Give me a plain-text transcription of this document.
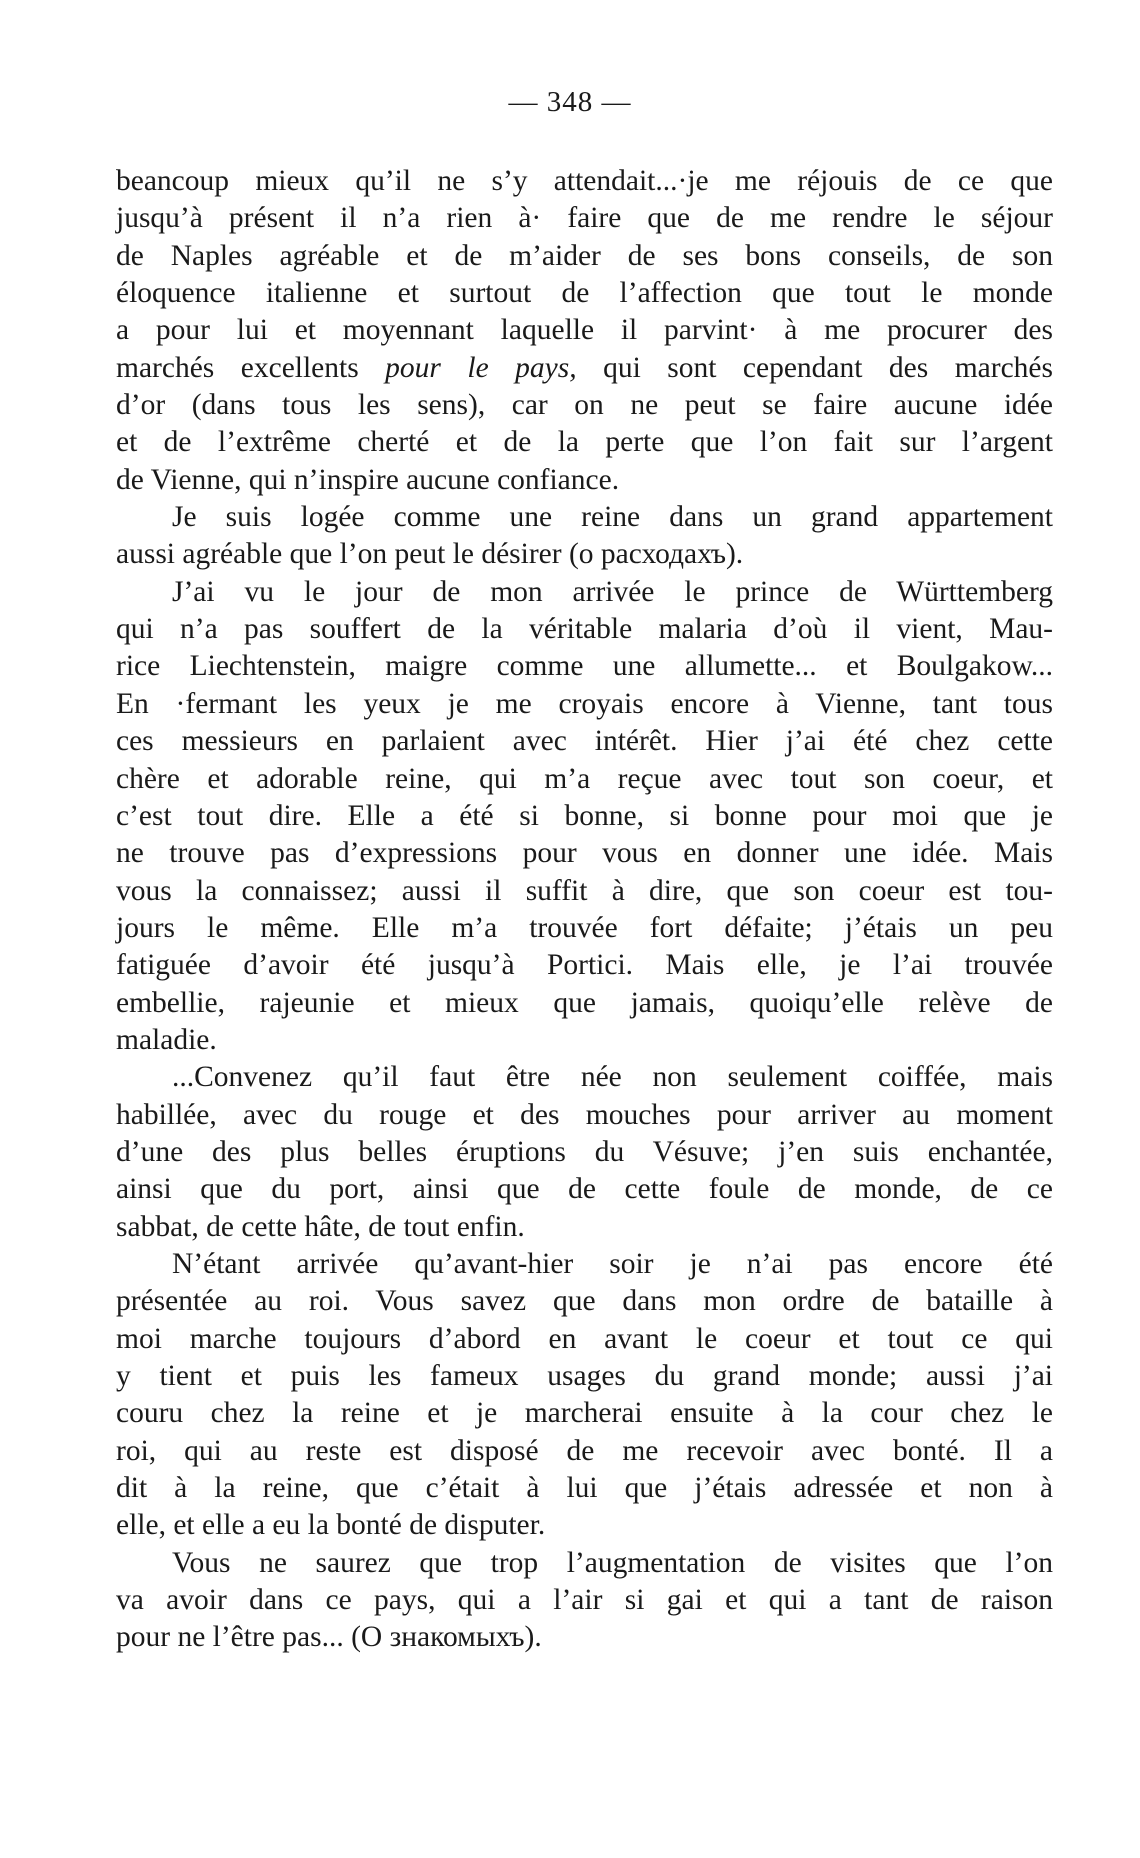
— 348 —
beancoup mieux qu’il ne s’y attendait...·je me réjouis de ce que
jusqu’à présent il n’a rien à· faire que de me rendre le séjour
de Naples agréable et de m’aider de ses bons conseils, de son
éloquence italienne et surtout de l’affection que tout le monde
a pour lui et moyennant laquelle il parvint· à me procurer des
marchés excellents pour le pays, qui sont cependant des marchés
d’or (dans tous les sens), car on ne peut se faire aucune idée
et de l’extrême cherté et de la perte que l’on fait sur l’argent
de Vienne, qui n’inspire aucune confiance.
Je suis logée comme une reine dans un grand appartement
aussi agréable que l’on peut le désirer (о расходахъ).
J’ai vu le jour de mon arrivée le prince de Württemberg
qui n’a pas souffert de la véritable malaria d’où il vient, Mau-
rice Liechtenstein, maigre comme une allumette... et Boulgakow...
En ·fermant les yeux je me croyais encore à Vienne, tant tous
ces messieurs en parlaient avec intérêt. Hier j’ai été chez cette
chère et adorable reine, qui m’a reçue avec tout son coeur, et
c’est tout dire. Elle a été si bonne, si bonne pour moi que je
ne trouve pas d’expressions pour vous en donner une idée. Mais
vous la connaissez; aussi il suffit à dire, que son coeur est tou-
jours le même. Elle m’a trouvée fort défaite; j’étais un peu
fatiguée d’avoir été jusqu’à Portici. Mais elle, je l’ai trouvée
embellie, rajeunie et mieux que jamais, quoiqu’elle relève de
maladie.
...Convenez qu’il faut être née non seulement coiffée, mais
habillée, avec du rouge et des mouches pour arriver au moment
d’une des plus belles éruptions du Vésuve; j’en suis enchantée,
ainsi que du port, ainsi que de cette foule de monde, de ce
sabbat, de cette hâte, de tout enfin.
N’étant arrivée qu’avant-hier soir je n’ai pas encore été
présentée au roi. Vous savez que dans mon ordre de bataille à
moi marche toujours d’abord en avant le coeur et tout ce qui
y tient et puis les fameux usages du grand monde; aussi j’ai
couru chez la reine et je marcherai ensuite à la cour chez le
roi, qui au reste est disposé de me recevoir avec bonté. Il a
dit à la reine, que c’était à lui que j’étais adressée et non à
elle, et elle a eu la bonté de disputer.
Vous ne saurez que trop l’augmentation de visites que l’on
va avoir dans ce pays, qui a l’air si gai et qui a tant de raison
pour ne l’être pas... (О знакомыхъ).
